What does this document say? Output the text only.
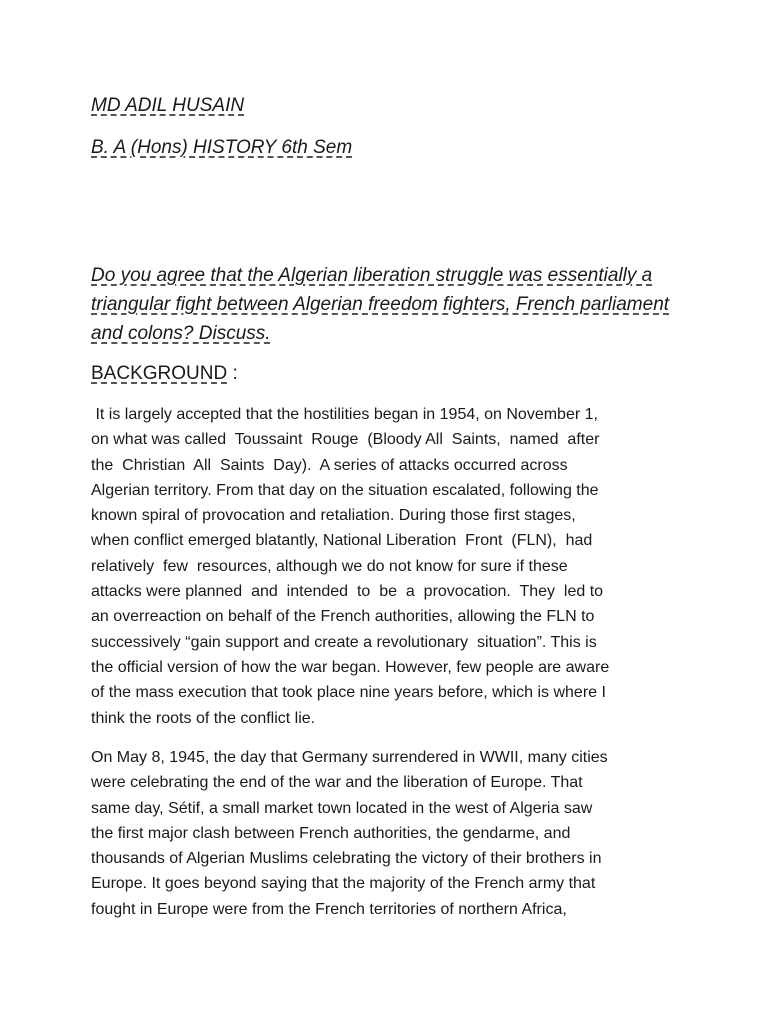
MD ADIL HUSAIN
B. A (Hons) HISTORY 6th Sem
Do you agree that the Algerian liberation struggle was essentially a triangular fight between Algerian freedom fighters, French parliament and colons? Discuss.
BACKGROUND :
It is largely accepted that the hostilities began in 1954, on November 1,
on what was called  Toussaint  Rouge  (Bloody All  Saints,  named  after
the  Christian  All  Saints  Day).  A series of attacks occurred across
Algerian territory. From that day on the situation escalated, following the
known spiral of provocation and retaliation. During those first stages,
when conflict emerged blatantly, National Liberation  Front  (FLN),  had
relatively  few  resources, although we do not know for sure if these
attacks were planned  and  intended  to  be  a  provocation.  They  led to
an overreaction on behalf of the French authorities, allowing the FLN to
successively “gain support and create a revolutionary  situation”. This is
the official version of how the war began. However, few people are aware
of the mass execution that took place nine years before, which is where I
think the roots of the conflict lie.
On May 8, 1945, the day that Germany surrendered in WWII, many cities
were celebrating the end of the war and the liberation of Europe. That
same day, Sétif, a small market town located in the west of Algeria saw
the first major clash between French authorities, the gendarme, and
thousands of Algerian Muslims celebrating the victory of their brothers in
Europe. It goes beyond saying that the majority of the French army that
fought in Europe were from the French territories of northern Africa,
